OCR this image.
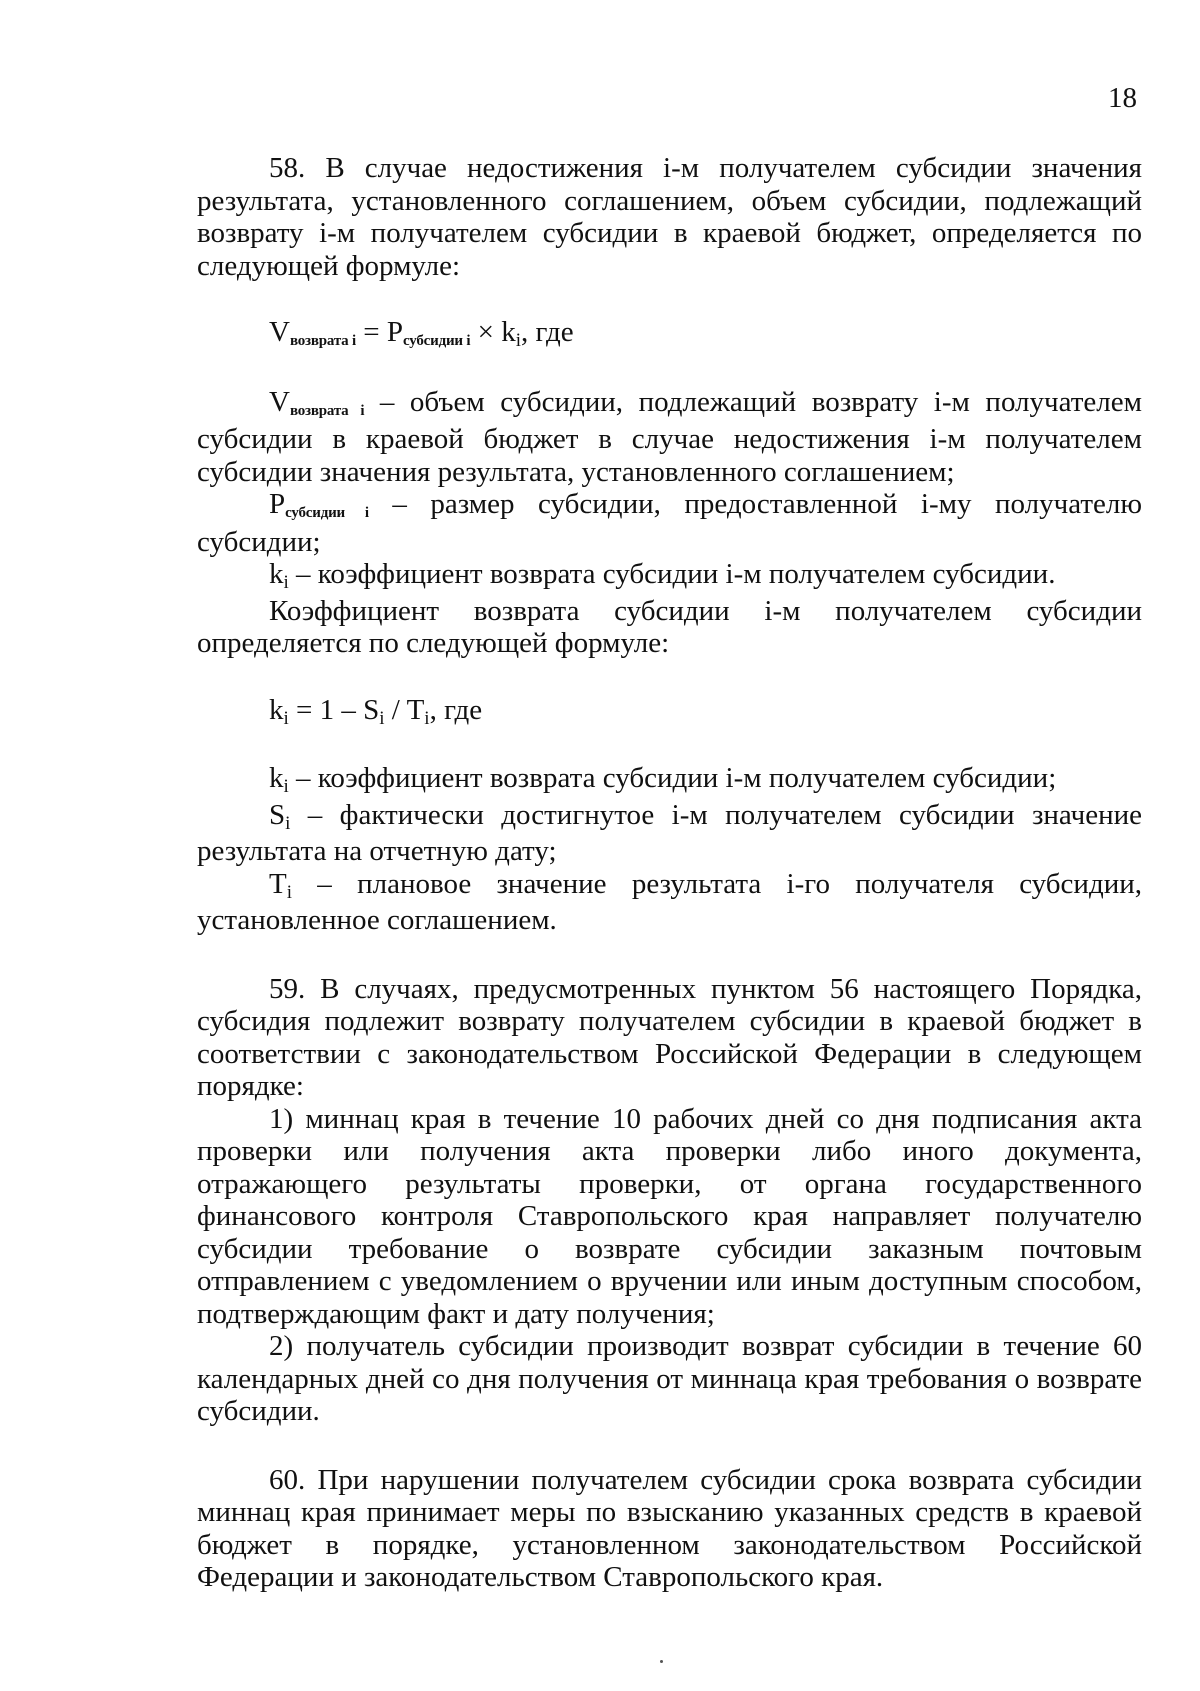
18

58. В случае недостижения i-м получателем субсидии значения результата, установленного соглашением, объем субсидии, подлежащий возврату i-м получателем субсидии в краевой бюджет, определяется по следующей формуле:

Vвозврата i = Pсубсидии i × ki, где

Vвозврата i – объем субсидии, подлежащий возврату i-м получателем субсидии в краевой бюджет в случае недостижения i-м получателем субсидии значения результата, установленного соглашением;

Pсубсидии i – размер субсидии, предоставленной i-му получателю субсидии;

ki – коэффициент возврата субсидии i-м получателем субсидии.

Коэффициент возврата субсидии i-м получателем субсидии определяется по следующей формуле:

ki = 1 – Si / Ti, где

ki – коэффициент возврата субсидии i-м получателем субсидии;

Si – фактически достигнутое i-м получателем субсидии значение результата на отчетную дату;

Ti – плановое значение результата i-го получателя субсидии, установленное соглашением.

59. В случаях, предусмотренных пунктом 56 настоящего Порядка, субсидия подлежит возврату получателем субсидии в краевой бюджет в соответствии с законодательством Российской Федерации в следующем порядке:

1) миннац края в течение 10 рабочих дней со дня подписания акта проверки или получения акта проверки либо иного документа, отражающего результаты проверки, от органа государственного финансового контроля Ставропольского края направляет получателю субсидии требование о возврате субсидии заказным почтовым отправлением с уведомлением о вручении или иным доступным способом, подтверждающим факт и дату получения;

2) получатель субсидии производит возврат субсидии в течение 60 календарных дней со дня получения от миннаца края требования о возврате субсидии.

60. При нарушении получателем субсидии срока возврата субсидии миннац края принимает меры по взысканию указанных средств в краевой бюджет в порядке, установленном законодательством Российской Федерации и законодательством Ставропольского края.
